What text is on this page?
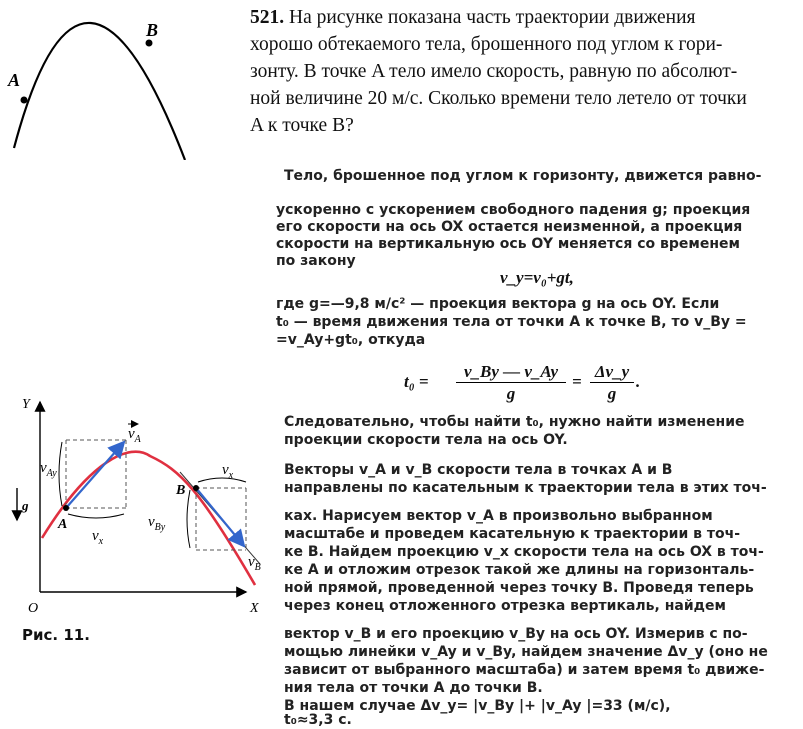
521. На рисунке показана часть траектории движения
хорошо обтекаемого тела, брошенного под углом к гори-
зонту. В точке A тело имело скорость, равную по абсолют-
ной величине 20 м/с. Сколько времени тело летело от точки
A к точке B?
A
B
Y
X
O
g
A
B
$v_A$
$v_{Ay}$
$v_x$
$v_x$
$v_{By}$
$v_B$
Рис. 11.
Тело, брошенное под углом к горизонту, движется равно-
ускоренно с ускорением свободного падения g; проекция
его скорости на ось OX остается неизменной, а проекция
скорости на вертикальную ось OY меняется со временем
по закону
v_y=v₀+gt,
где g=—9,8 м/с² — проекция вектора g на ось OY. Если
t₀ — время движения тела от точки A к точке B, то v_By =
=v_Ay+gt₀, откуда
t₀ =
v_By — v_Ay
g
=
Δv_y
g
.
Следовательно, чтобы найти t₀, нужно найти изменение
проекции скорости тела на ось OY.
Векторы v_A и v_B скорости тела в точках A и B
направлены по касательным к траектории тела в этих точ-
ках. Нарисуем вектор v_A в произвольно выбранном
масштабе и проведем касательную к траектории в точ-
ке B. Найдем проекцию v_x скорости тела на ось OX в точ-
ке A и отложим отрезок такой же длины на горизонталь-
ной прямой, проведенной через точку B. Проведя теперь
через конец отложенного отрезка вертикаль, найдем
вектор v_B и его проекцию v_By на ось OY. Измерив с по-
мощью линейки v_Ay и v_By, найдем значение Δv_y (оно не
зависит от выбранного масштаба) и затем время t₀ движе-
ния тела от точки A до точки B.
В нашем случае Δv_y= |v_By |+ |v_Ay |=33 (м/с),
t₀≈3,3 с.
